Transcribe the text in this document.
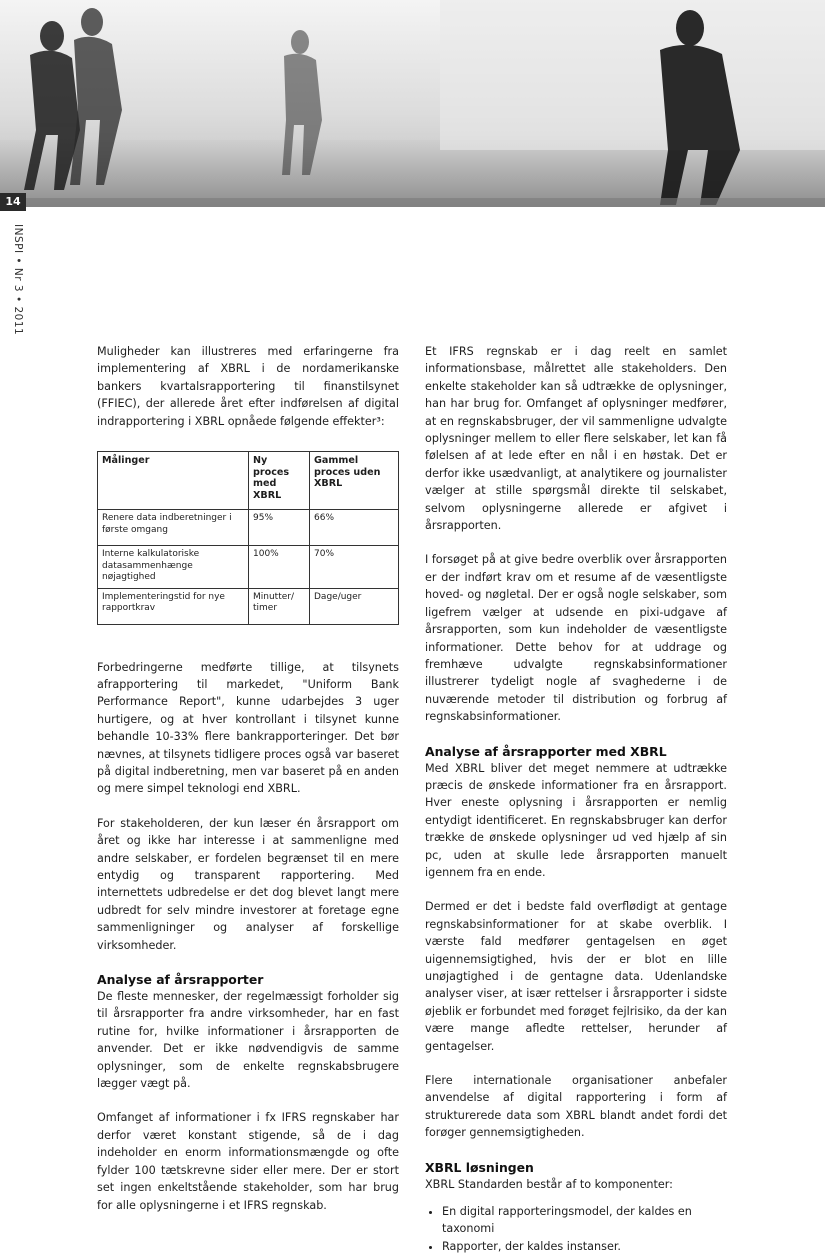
14
INSPI • Nr 3 • 2011

Muligheder kan illustreres med erfaringerne fra implementering af XBRL i de nordamerikanske bankers kvartalsrapportering til finanstilsynet (FFIEC), der allerede året efter indførelsen af digital indrapportering i XBRL opnåede følgende effekter³:

Målinger	Ny proces med XBRL	Gammel proces uden XBRL
Renere data indberetninger i første omgang	95%	66%
Interne kalkulatoriske datasammenhænge nøjagtighed	100%	70%
Implementeringstid for nye rapportkrav	Minutter/ timer	Dage/uger

Forbedringerne medførte tillige, at tilsynets afrapportering til markedet, "Uniform Bank Performance Report", kunne udarbejdes 3 uger hurtigere, og at hver kontrollant i tilsynet kunne behandle 10-33% flere bankrapporteringer. Det bør nævnes, at tilsynets tidligere proces også var baseret på digital indberetning, men var baseret på en anden og mere simpel teknologi end XBRL.

For stakeholderen, der kun læser én årsrapport om året og ikke har interesse i at sammenligne med andre selskaber, er fordelen begrænset til en mere entydig og transparent rapportering. Med internettets udbredelse er det dog blevet langt mere udbredt for selv mindre investorer at foretage egne sammenligninger og analyser af forskellige virksomheder.

Analyse af årsrapporter

De fleste mennesker, der regelmæssigt forholder sig til årsrapporter fra andre virksomheder, har en fast rutine for, hvilke informationer i årsrapporten de anvender. Det er ikke nødvendigvis de samme oplysninger, som de enkelte regnskabsbrugere lægger vægt på.

Omfanget af informationer i fx IFRS regnskaber har derfor været konstant stigende, så de i dag indeholder en enorm informationsmængde og ofte fylder 100 tætskrevne sider eller mere. Der er stort set ingen enkeltstående stakeholder, som har brug for alle oplysningerne i et IFRS regnskab.

Et IFRS regnskab er i dag reelt en samlet informationsbase, målrettet alle stakeholders. Den enkelte stakeholder kan så udtrække de oplysninger, han har brug for. Omfanget af oplysninger medfører, at en regnskabsbruger, der vil sammenligne udvalgte oplysninger mellem to eller flere selskaber, let kan få følelsen af at lede efter en nål i en høstak. Det er derfor ikke usædvanligt, at analytikere og journalister vælger at stille spørgsmål direkte til selskabet, selvom oplysningerne allerede er afgivet i årsrapporten.

I forsøget på at give bedre overblik over årsrapporten er der indført krav om et resume af de væsentligste hoved- og nøgletal. Der er også nogle selskaber, som ligefrem vælger at udsende en pixi-udgave af årsrapporten, som kun indeholder de væsentligste informationer. Dette behov for at uddrage og fremhæve udvalgte regnskabsinformationer illustrerer tydeligt nogle af svaghederne i de nuværende metoder til distribution og forbrug af regnskabsinformationer.

Analyse af årsrapporter med XBRL

Med XBRL bliver det meget nemmere at udtrække præcis de ønskede informationer fra en årsrapport. Hver eneste oplysning i årsrapporten er nemlig entydigt identificeret. En regnskabsbruger kan derfor trække de ønskede oplysninger ud ved hjælp af sin pc, uden at skulle lede årsrapporten manuelt igennem fra en ende.

Dermed er det i bedste fald overflødigt at gentage regnskabsinformationer for at skabe overblik. I værste fald medfører gentagelsen en øget uigennemsigtighed, hvis der er blot en lille unøjagtighed i de gentagne data. Udenlandske analyser viser, at især rettelser i årsrapporter i sidste øjeblik er forbundet med forøget fejlrisiko, da der kan være mange afledte rettelser, herunder af gentagelser.

Flere internationale organisationer anbefaler anvendelse af digital rapportering i form af strukturerede data som XBRL blandt andet fordi det forøger gennemsigtigheden.

XBRL løsningen

XBRL Standarden består af to komponenter:

• En digital rapporteringsmodel, der kaldes en taxonomi
• Rapporter, der kaldes instanser.
